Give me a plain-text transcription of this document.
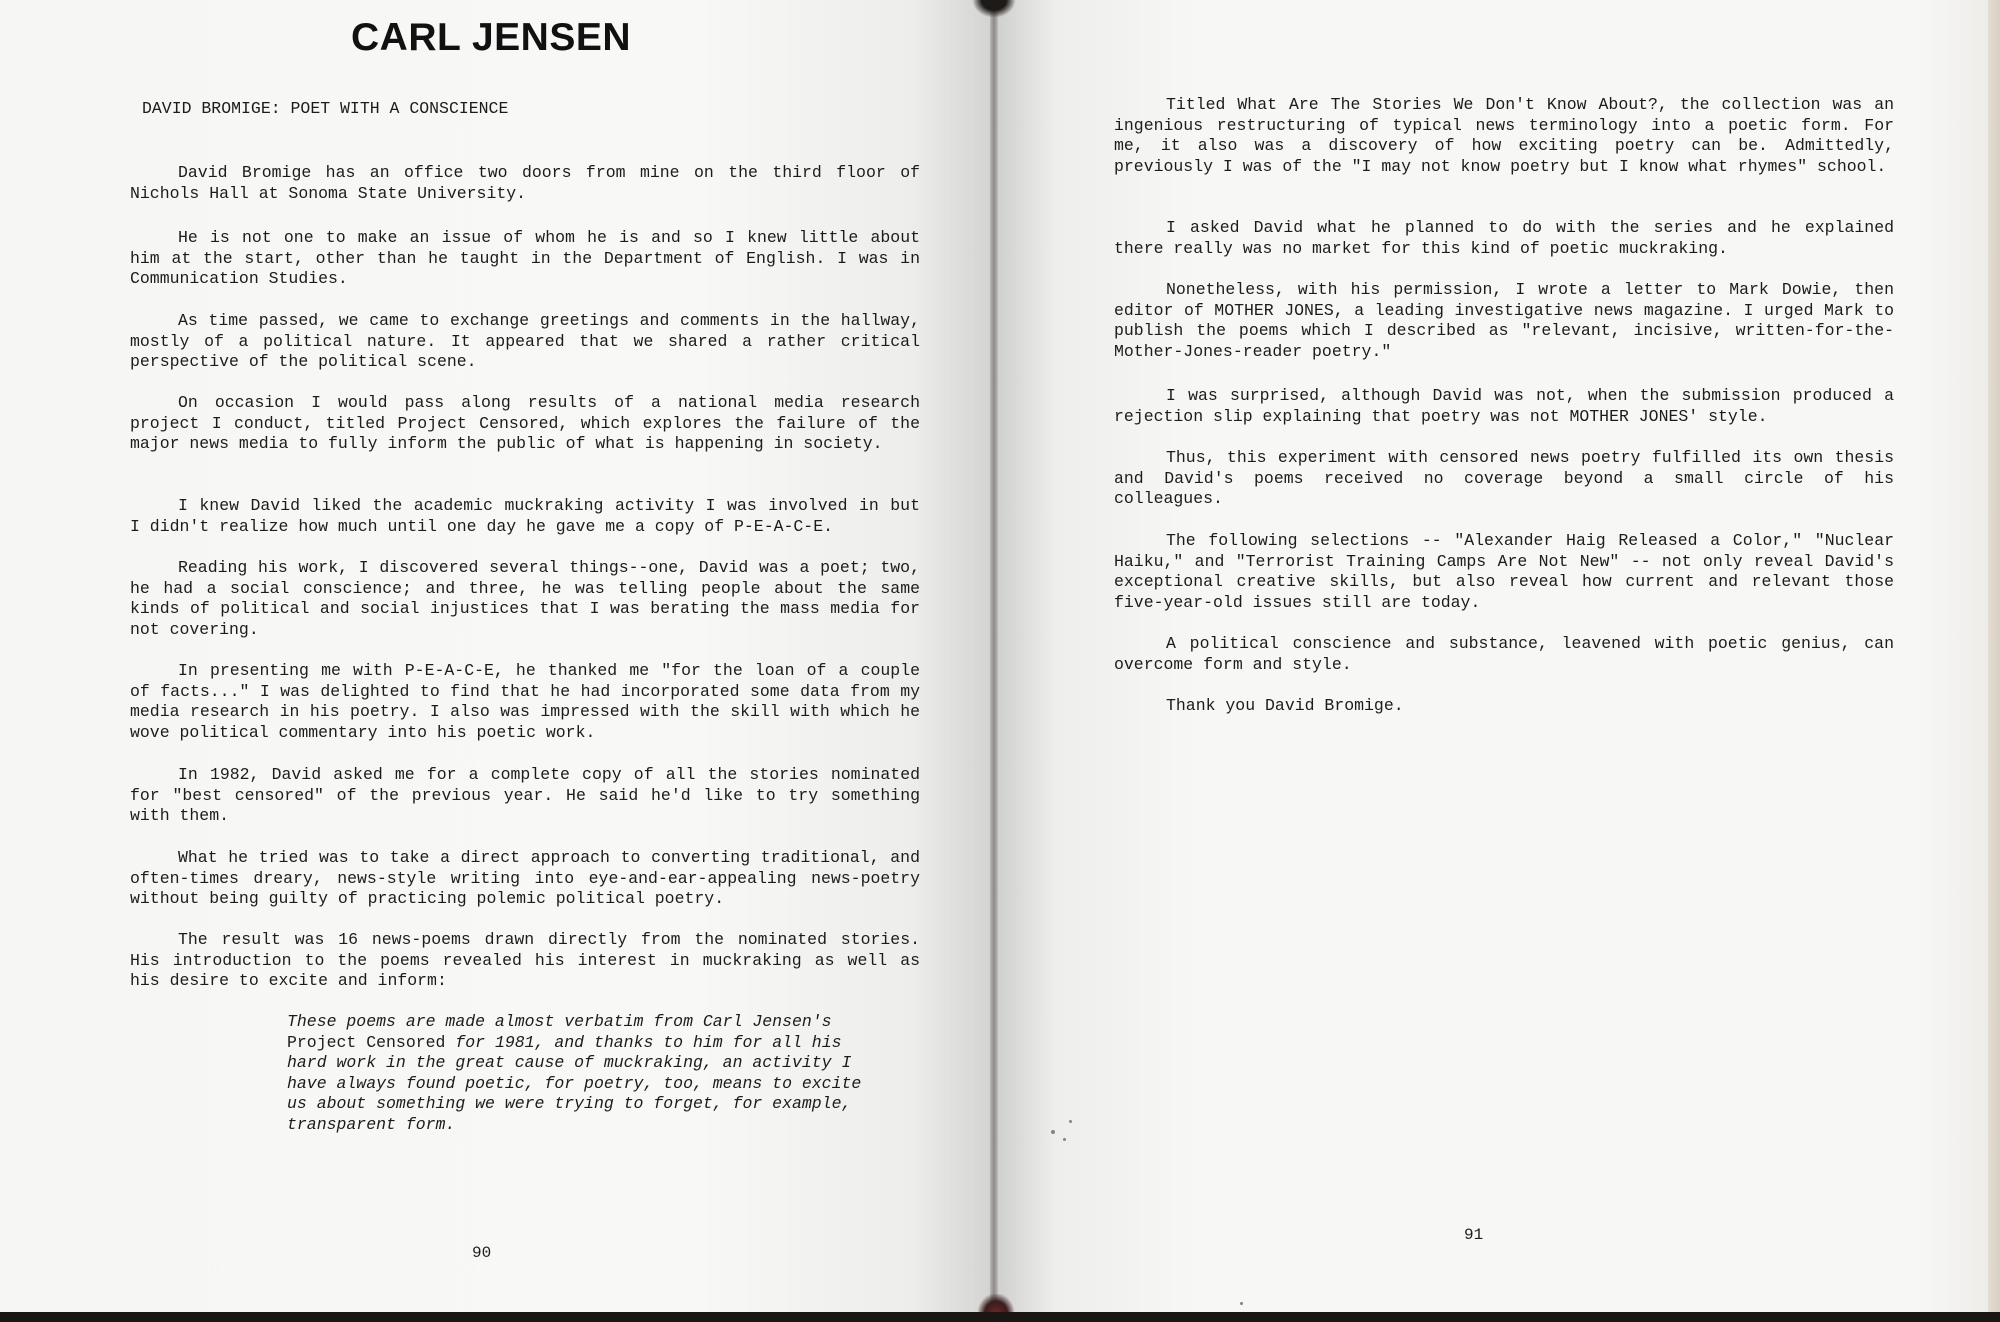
CARL JENSEN

DAVID BROMIGE: POET WITH A CONSCIENCE

David Bromige has an office two doors from mine on the third floor of Nichols Hall at Sonoma State University.

He is not one to make an issue of whom he is and so I knew little about him at the start, other than he taught in the Department of English. I was in Communication Studies.

As time passed, we came to exchange greetings and comments in the hallway, mostly of a political nature. It appeared that we shared a rather critical perspective of the political scene.

On occasion I would pass along results of a national media research project I conduct, titled Project Censored, which explores the failure of the major news media to fully inform the public of what is happening in society.

I knew David liked the academic muckraking activity I was involved in but I didn't realize how much until one day he gave me a copy of P-E-A-C-E.

Reading his work, I discovered several things--one, David was a poet; two, he had a social conscience; and three, he was telling people about the same kinds of political and social injustices that I was berating the mass media for not covering.

In presenting me with P-E-A-C-E, he thanked me "for the loan of a couple of facts..." I was delighted to find that he had incorporated some data from my media research in his poetry. I also was impressed with the skill with which he wove political commentary into his poetic work.

In 1982, David asked me for a complete copy of all the stories nominated for "best censored" of the previous year. He said he'd like to try something with them.

What he tried was to take a direct approach to converting traditional, and often-times dreary, news-style writing into eye-and-ear-appealing news-poetry without being guilty of practicing polemic political poetry.

The result was 16 news-poems drawn directly from the nominated stories. His introduction to the poems revealed his interest in muckraking as well as his desire to excite and inform:

These poems are made almost verbatim from Carl Jensen's Project Censored for 1981, and thanks to him for all his hard work in the great cause of muckraking, an activity I have always found poetic, for poetry, too, means to excite us about something we were trying to forget, for example, transparent form.

90

Titled What Are The Stories We Don't Know About?, the collection was an ingenious restructuring of typical news terminology into a poetic form. For me, it also was a discovery of how exciting poetry can be. Admittedly, previously I was of the "I may not know poetry but I know what rhymes" school.

I asked David what he planned to do with the series and he explained there really was no market for this kind of poetic muckraking.

Nonetheless, with his permission, I wrote a letter to Mark Dowie, then editor of MOTHER JONES, a leading investigative news magazine. I urged Mark to publish the poems which I described as "relevant, incisive, written-for-the-Mother-Jones-reader poetry."

I was surprised, although David was not, when the submission produced a rejection slip explaining that poetry was not MOTHER JONES' style.

Thus, this experiment with censored news poetry fulfilled its own thesis and David's poems received no coverage beyond a small circle of his colleagues.

The following selections -- "Alexander Haig Released a Color," "Nuclear Haiku," and "Terrorist Training Camps Are Not New" -- not only reveal David's exceptional creative skills, but also reveal how current and relevant those five-year-old issues still are today.

A political conscience and substance, leavened with poetic genius, can overcome form and style.

Thank you David Bromige.

91
